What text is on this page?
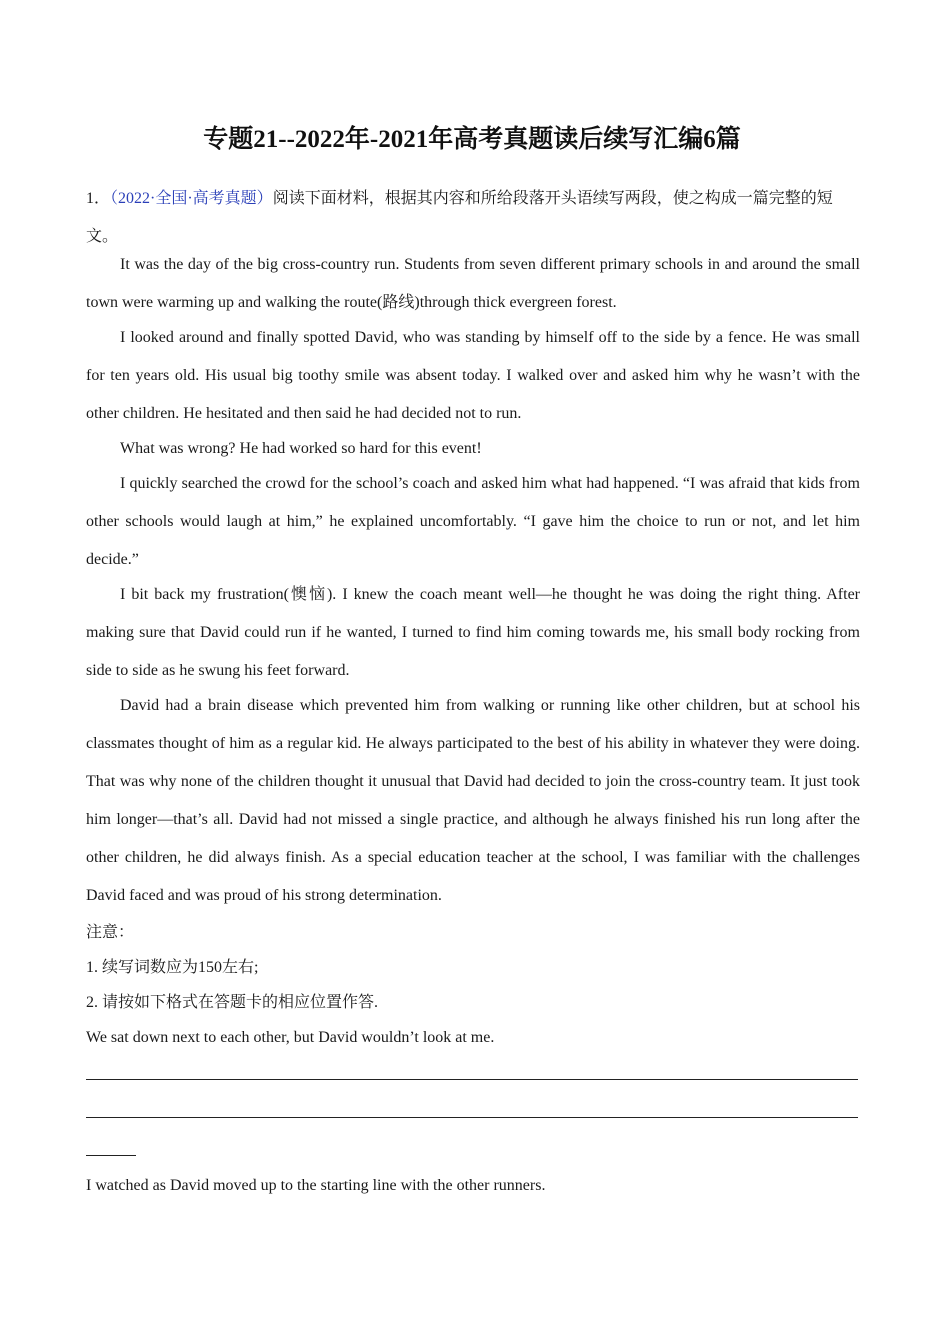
专题21--2022年-2021年高考真题读后续写汇编6篇
1．（2022·全国·高考真题）阅读下面材料，根据其内容和所给段落开头语续写两段，使之构成一篇完整的短文。

It was the day of the big cross-country run. Students from seven different primary schools in and around the small town were warming up and walking the route(路线)through thick evergreen forest.

I looked around and finally spotted David, who was standing by himself off to the side by a fence. He was small for ten years old. His usual big toothy smile was absent today. I walked over and asked him why he wasn’t with the other children. He hesitated and then said he had decided not to run.

What was wrong? He had worked so hard for this event!

I quickly searched the crowd for the school’s coach and asked him what had happened. “I was afraid that kids from other schools would laugh at him,” he explained uncomfortably. “I gave him the choice to run or not, and let him decide.”

I bit back my frustration(懊恼). I knew the coach meant well—he thought he was doing the right thing. After making sure that David could run if he wanted, I turned to find him coming towards me, his small body rocking from side to side as he swung his feet forward.

David had a brain disease which prevented him from walking or running like other children, but at school his classmates thought of him as a regular kid. He always participated to the best of his ability in whatever they were doing. That was why none of the children thought it unusual that David had decided to join the cross-country team. It just took him longer—that’s all. David had not missed a single practice, and although he always finished his run long after the other children, he did always finish. As a special education teacher at the school, I was familiar with the challenges David faced and was proud of his strong determination.

注意：

1. 续写词数应为150左右;

2. 请按如下格式在答题卡的相应位置作答.

We sat down next to each other, but David wouldn’t look at me.

I watched as David moved up to the starting line with the other runners.
